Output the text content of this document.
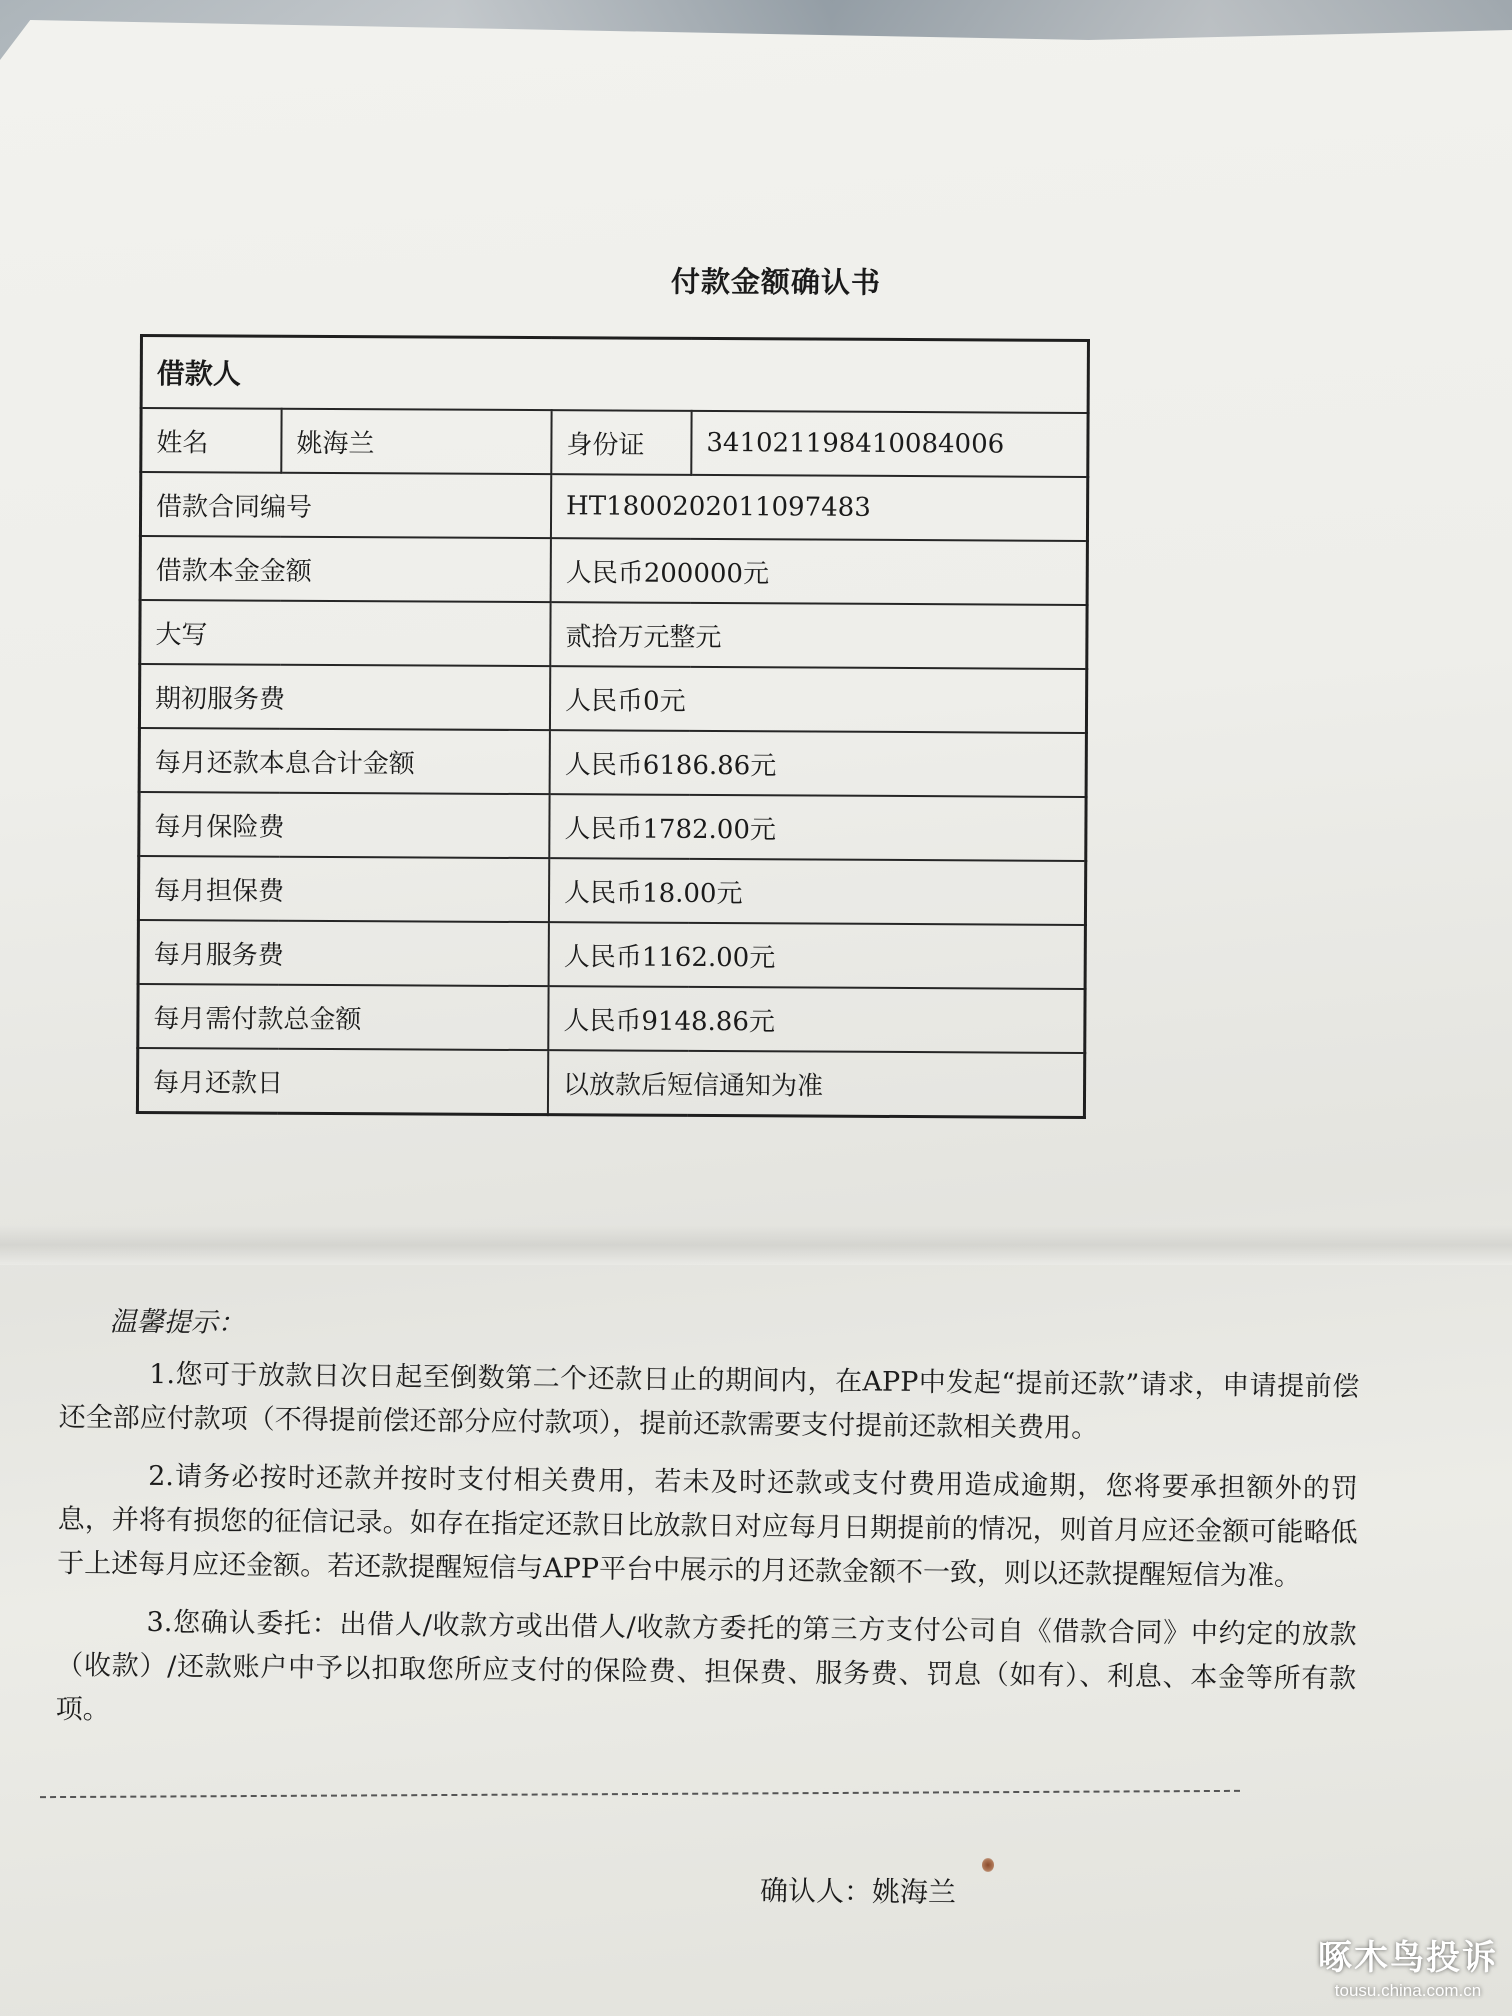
付款金额确认书
借款人			
姓名	姚海兰	身份证	341021198410084006
借款合同编号		HT1800202011097483	
借款本金金额		人民币200000元	
大写		贰拾万元整元	
期初服务费		人民币0元	
每月还款本息合计金额		人民币6186.86元	
每月保险费		人民币1782.00元	
每月担保费		人民币18.00元	
每月服务费		人民币1162.00元	
每月需付款总金额		人民币9148.86元	
每月还款日		以放款后短信通知为准	
温馨提示：

1.您可于放款日次日起至倒数第二个还款日止的期间内，在APP中发起“提前还款”请求，申请提前偿还全部应付款项（不得提前偿还部分应付款项），提前还款需要支付提前还款相关费用。

2.请务必按时还款并按时支付相关费用，若未及时还款或支付费用造成逾期，您将要承担额外的罚息，并将有损您的征信记录。如存在指定还款日比放款日对应每月日期提前的情况，则首月应还金额可能略低于上述每月应还金额。若还款提醒短信与APP平台中展示的月还款金额不一致，则以还款提醒短信为准。

3.您确认委托：出借人/收款方或出借人/收款方委托的第三方支付公司自《借款合同》中约定的放款（收款）/还款账户中予以扣取您所应支付的保险费、担保费、服务费、罚息（如有）、利息、本金等所有款项。

确认人：姚海兰
啄木鸟投诉
tousu.china.com.cn
